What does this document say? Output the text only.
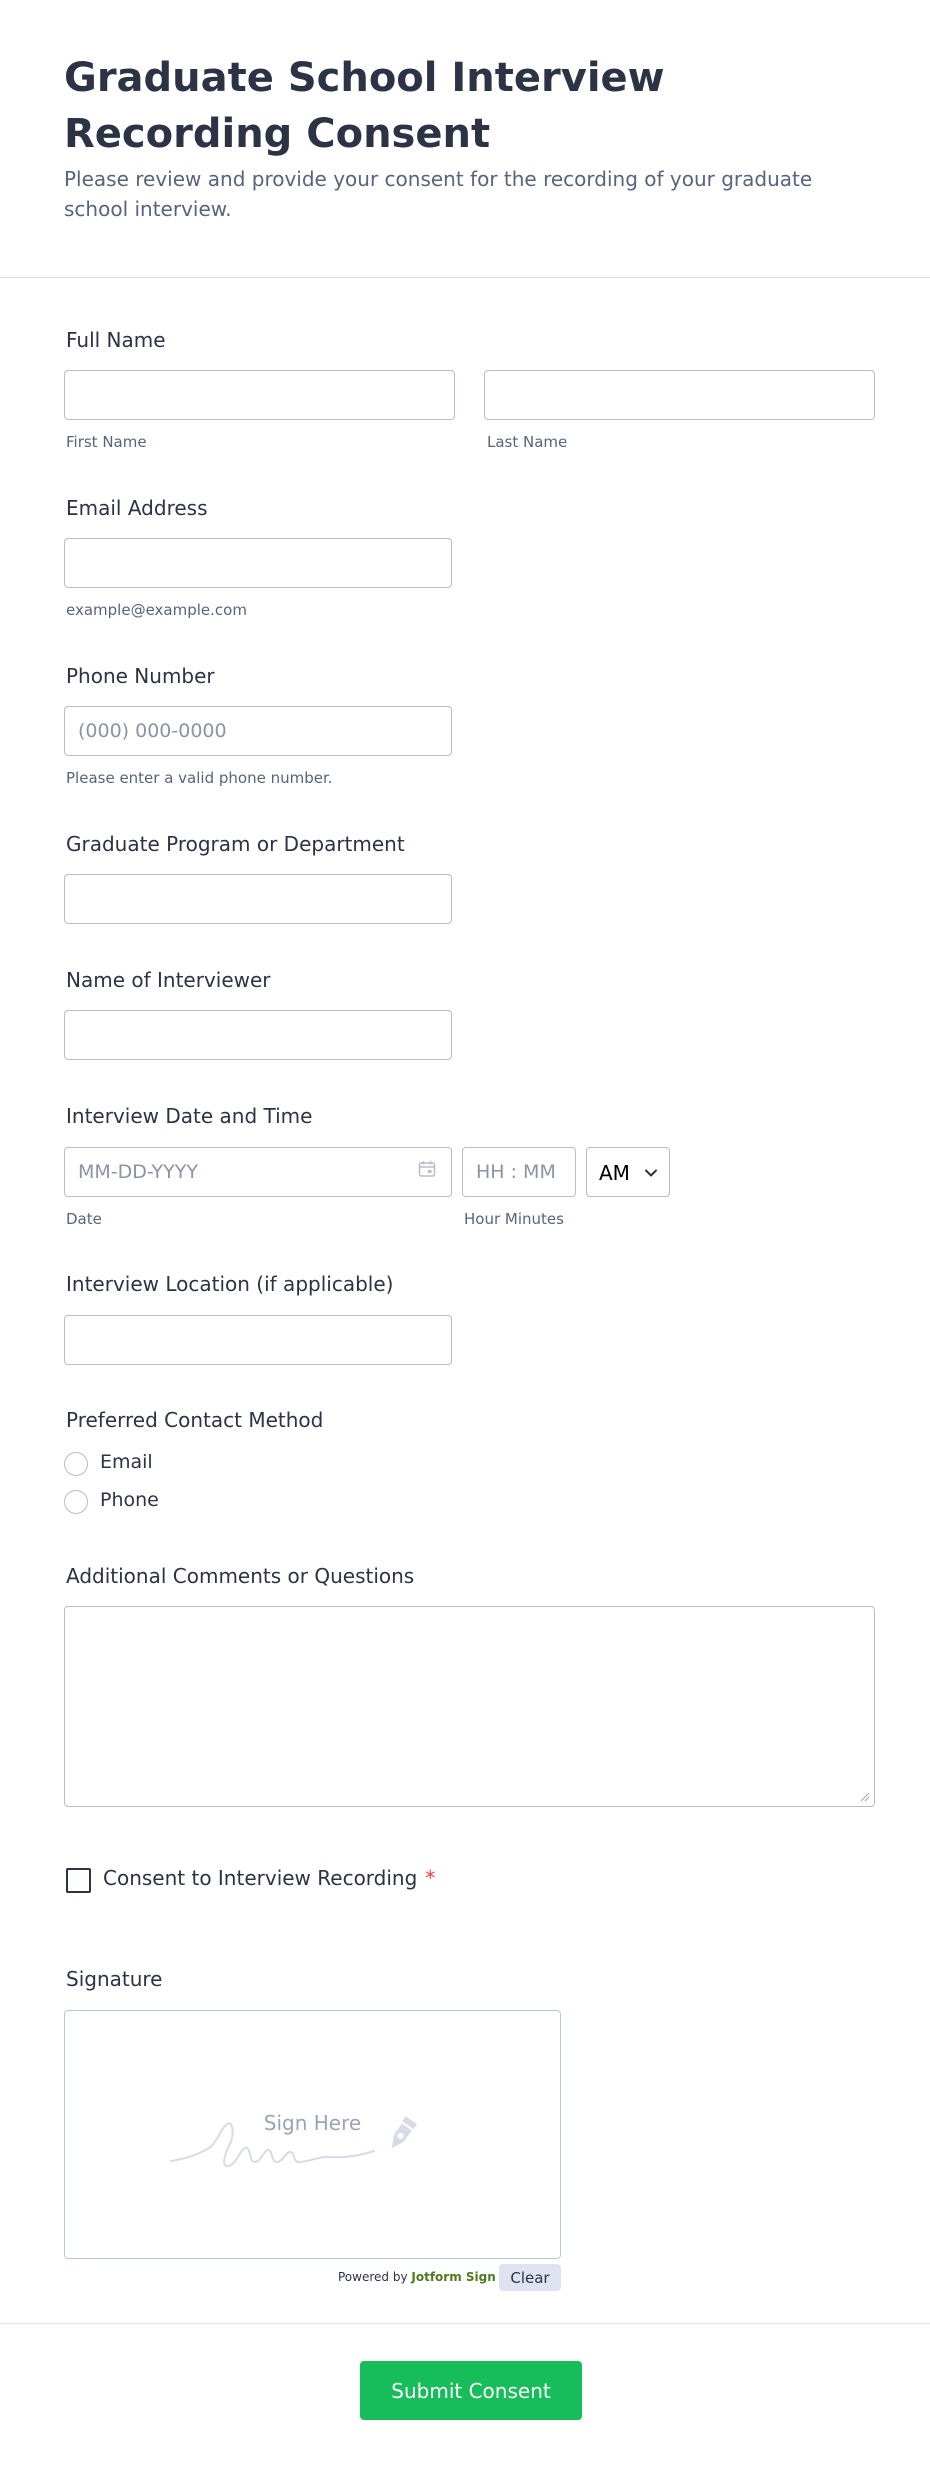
Graduate School Interview Recording Consent

Please review and provide your consent for the recording of your graduate school interview.

Full Name
First Name	Last Name
Email Address
example@example.com
Phone Number
(000) 000-0000
Please enter a valid phone number.
Graduate Program or Department
Name of Interviewer
Interview Date and Time
MM-DD-YYYY
HH : MM
AM
Date	Hour Minutes
Interview Location (if applicable)
Preferred Contact Method
Email
Phone
Additional Comments or Questions
Consent to Interview Recording *
Signature
Sign Here
Powered by Jotform Sign Clear
Submit Consent
